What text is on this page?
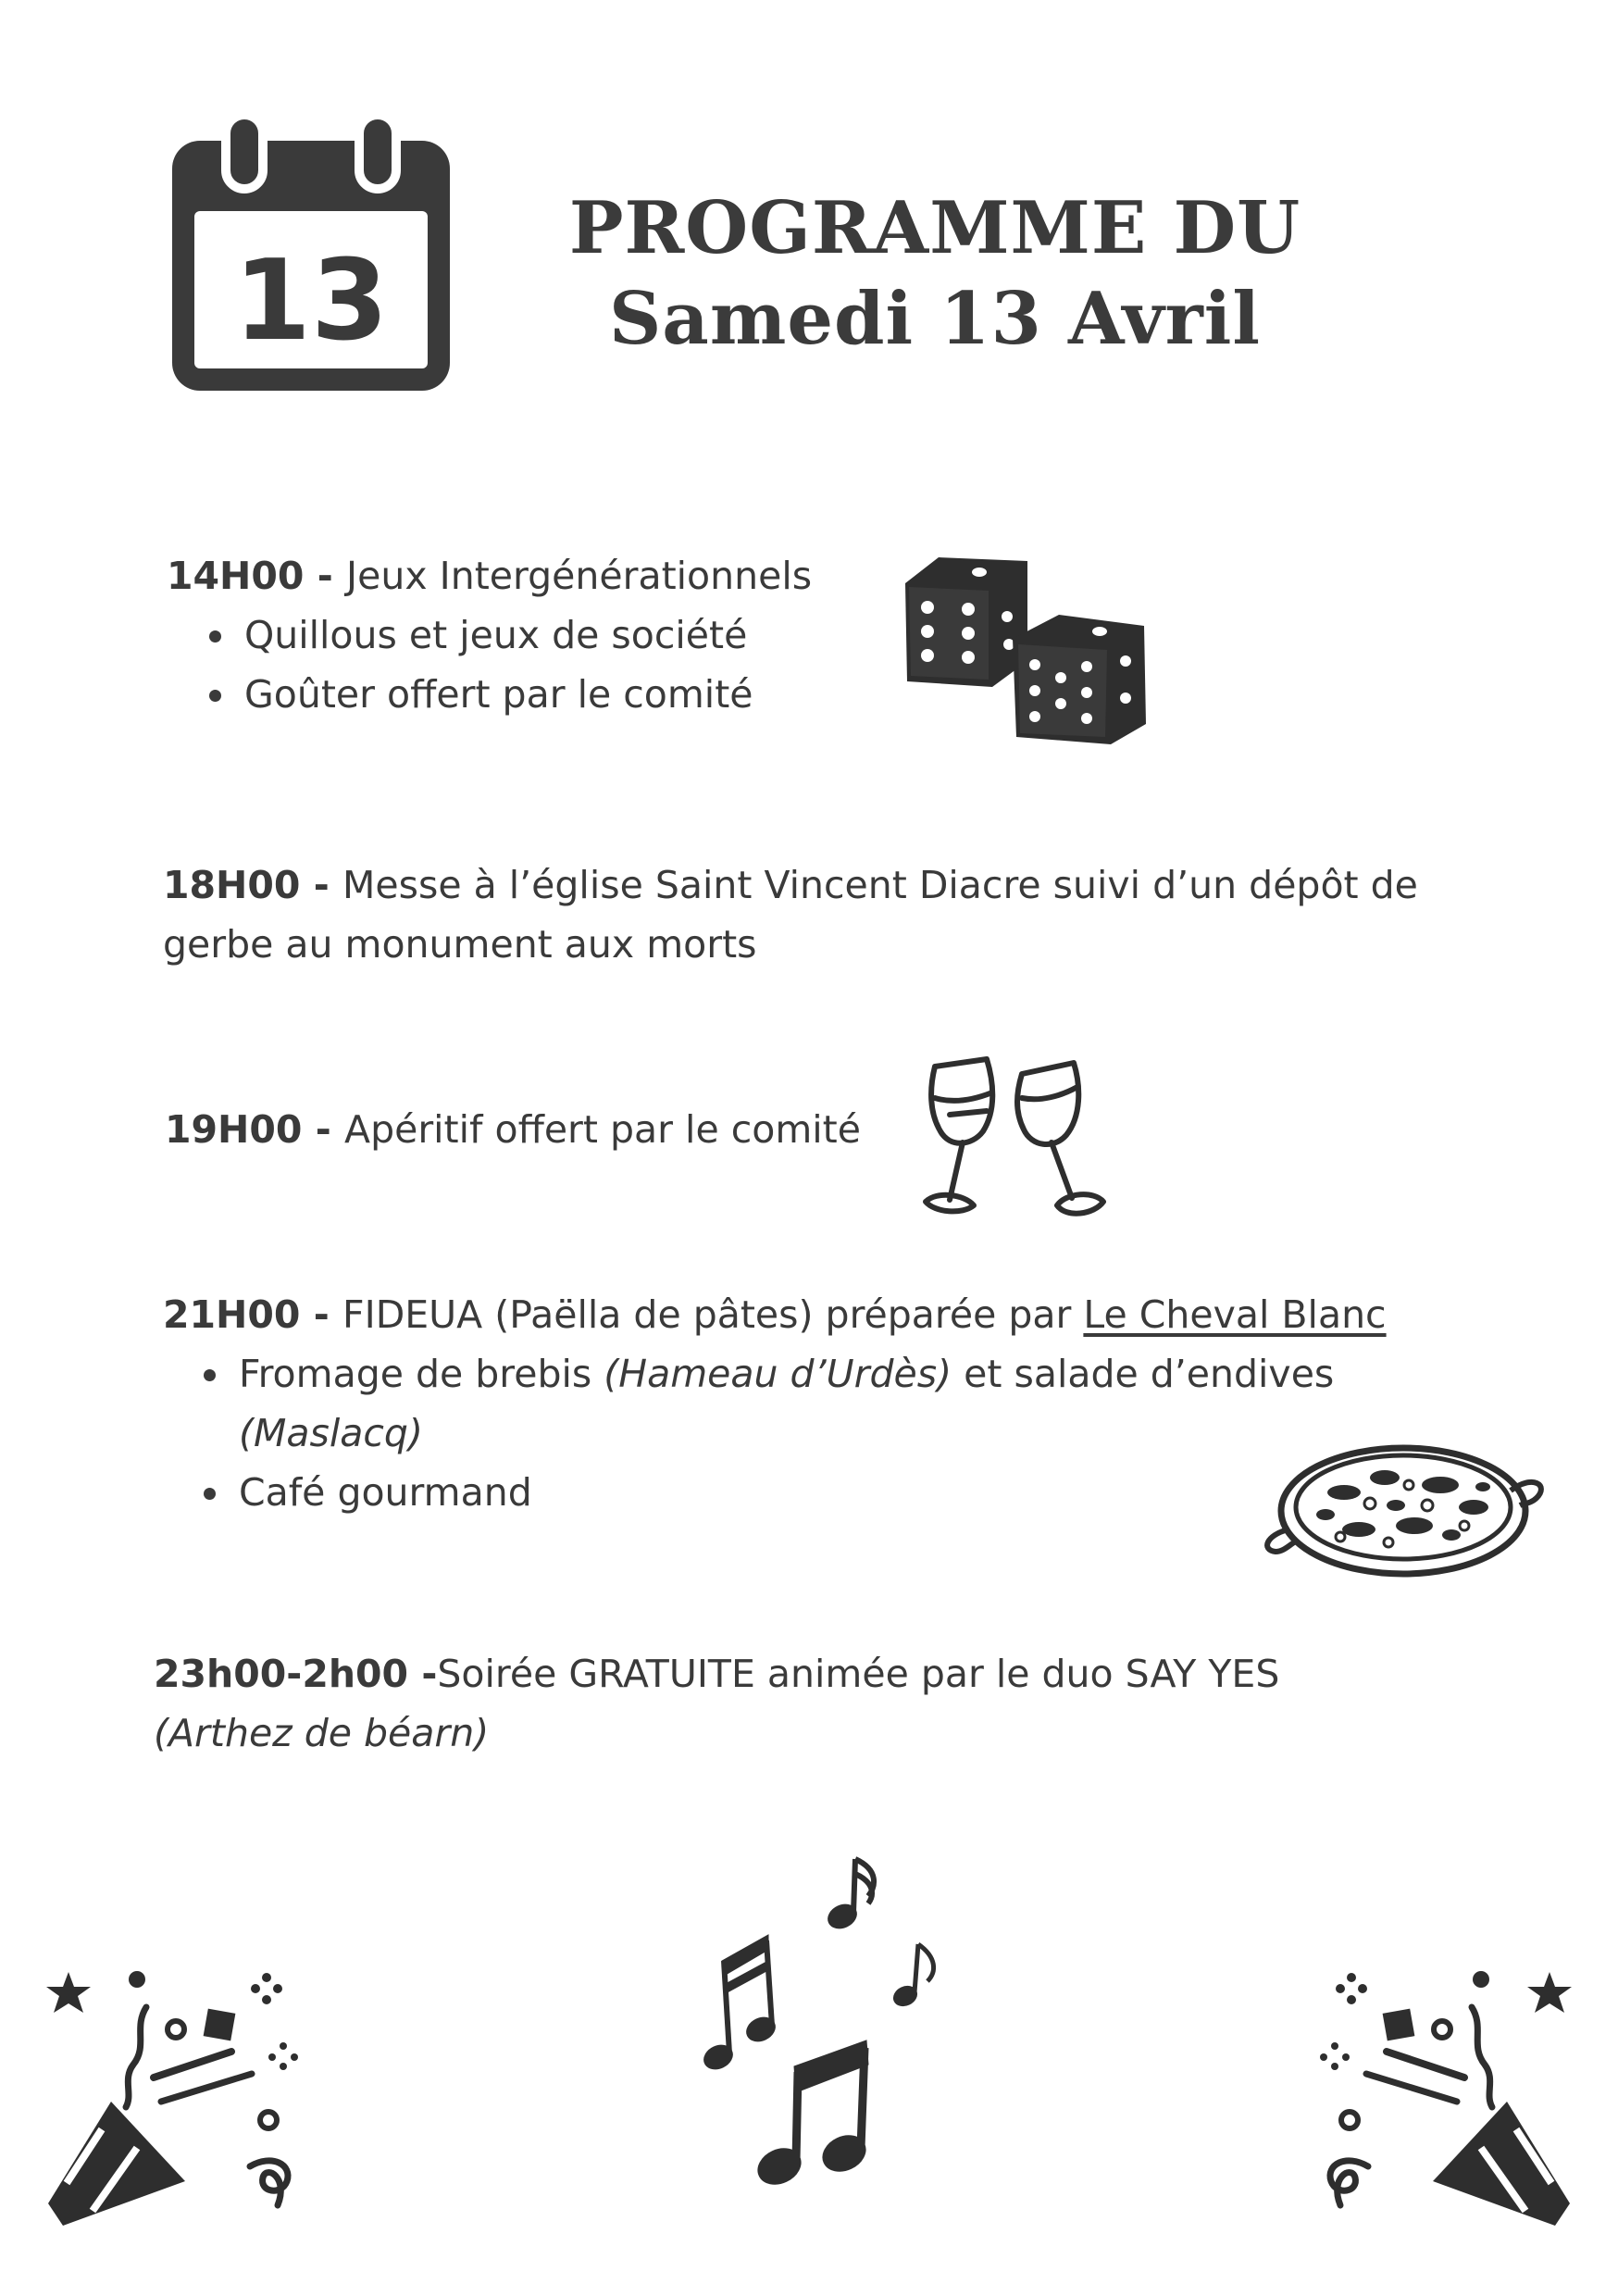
13
PROGRAMME DU
Samedi 13 Avril
14H00 - Jeux Intergénérationnels
• Quillous et jeux de société
• Goûter offert par le comité
18H00 - Messe à l’église Saint Vincent Diacre suivi d’un dépôt de gerbe au monument aux morts
19H00 - Apéritif offert par le comité
21H00 - FIDEUA (Paëlla de pâtes) préparée par Le Cheval Blanc
• Fromage de brebis (Hameau d’Urdès) et salade d’endives (Maslacq)
• Café gourmand
23h00-2h00 -Soirée GRATUITE animée par le duo SAY YES
(Arthez de béarn)
